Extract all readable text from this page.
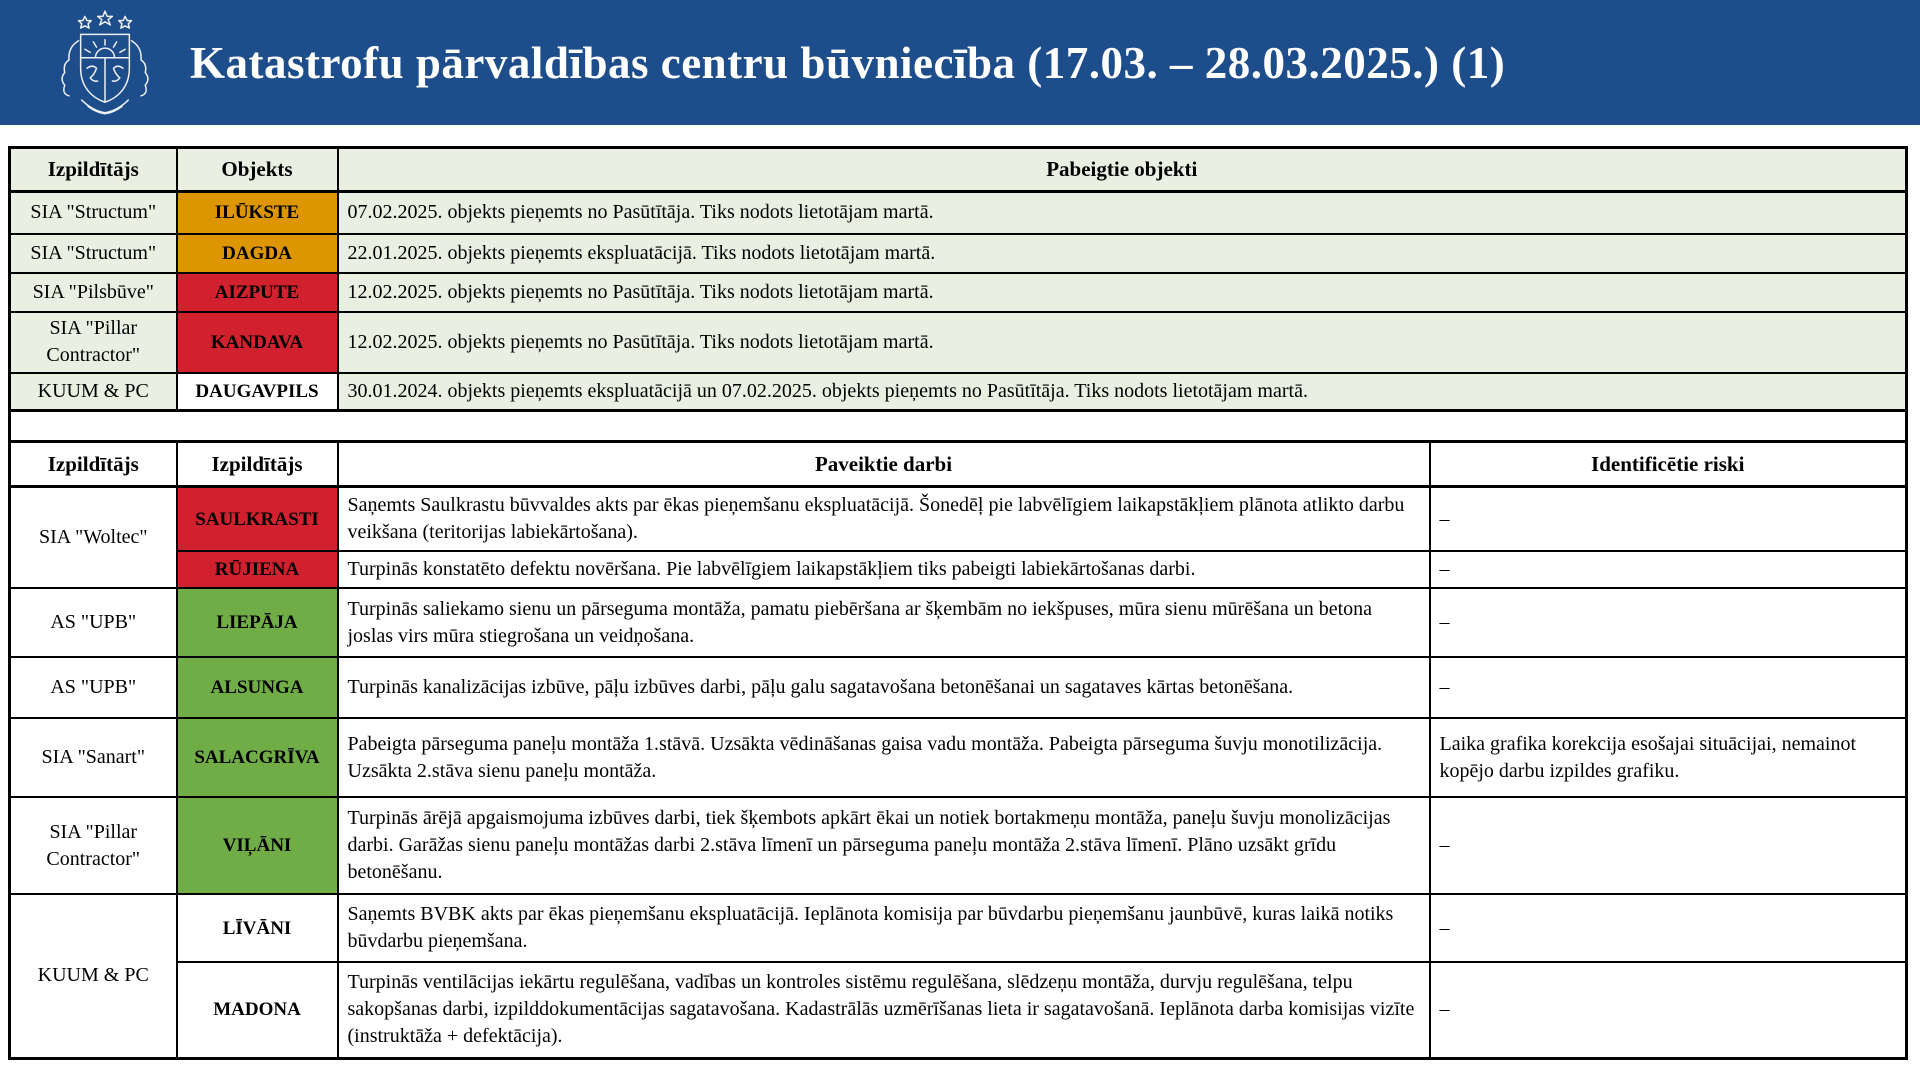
Katastrofu pārvaldības centru būvniecība (17.03. – 28.03.2025.) (1)
Izpildītājs	Objekts	Pabeigtie objekti
SIA "Structum"	ILŪKSTE	07.02.2025. objekts pieņemts no Pasūtītāja. Tiks nodots lietotājam martā.
SIA "Structum"	DAGDA	22.01.2025. objekts pieņemts ekspluatācijā. Tiks nodots lietotājam martā.
SIA "Pilsbūve"	AIZPUTE	12.02.2025. objekts pieņemts no Pasūtītāja. Tiks nodots lietotājam martā.
SIA "Pillar Contractor"	KANDAVA	12.02.2025. objekts pieņemts no Pasūtītāja. Tiks nodots lietotājam martā.
KUUM & PC	DAUGAVPILS	30.01.2024. objekts pieņemts ekspluatācijā un 07.02.2025. objekts pieņemts no Pasūtītāja. Tiks nodots lietotājam martā.
Izpildītājs	Izpildītājs	Paveiktie darbi	Identificētie riski
SIA "Woltec"	SAULKRASTI	Saņemts Saulkrastu būvvaldes akts par ēkas pieņemšanu ekspluatācijā. Šonedēļ pie labvēlīgiem laikapstākļiem plānota atlikto darbu veikšana (teritorijas labiekārtošana).	–
	RŪJIENA	Turpinās konstatēto defektu novēršana. Pie labvēlīgiem laikapstākļiem tiks pabeigti labiekārtošanas darbi.	–
AS "UPB"	LIEPĀJA	Turpinās saliekamo sienu un pārseguma montāža, pamatu piebēršana ar šķembām no iekšpuses, mūra sienu mūrēšana un betona joslas virs mūra stiegrošana un veidņošana.	–
AS "UPB"	ALSUNGA	Turpinās kanalizācijas izbūve, pāļu izbūves darbi, pāļu galu sagatavošana betonēšanai un sagataves kārtas betonēšana.	–
SIA "Sanart"	SALACGRĪVA	Pabeigta pārseguma paneļu montāža 1.stāvā. Uzsākta vēdināšanas gaisa vadu montāža. Pabeigta pārseguma šuvju monotilizācija. Uzsākta 2.stāva sienu paneļu montāža.	Laika grafika korekcija esošajai situācijai, nemainot kopējo darbu izpildes grafiku.
SIA "Pillar Contractor"	VIĻĀNI	Turpinās ārējā apgaismojuma izbūves darbi, tiek šķembots apkārt ēkai un notiek bortakmeņu montāža, paneļu šuvju monolizācijas darbi. Garāžas sienu paneļu montāžas darbi 2.stāva līmenī un pārseguma paneļu montāža 2.stāva līmenī. Plāno uzsākt grīdu betonēšanu.	–
KUUM & PC	LĪVĀNI	Saņemts BVBK akts par ēkas pieņemšanu ekspluatācijā. Ieplānota komisija par būvdarbu pieņemšanu jaunbūvē, kuras laikā notiks būvdarbu pieņemšana.	–
	MADONA	Turpinās ventilācijas iekārtu regulēšana, vadības un kontroles sistēmu regulēšana, slēdzeņu montāža, durvju regulēšana, telpu sakopšanas darbi, izpilddokumentācijas sagatavošana. Kadastrālās uzmērīšanas lieta ir sagatavošanā. Ieplānota darba komisijas vizīte (instruktāža + defektācija).	–
